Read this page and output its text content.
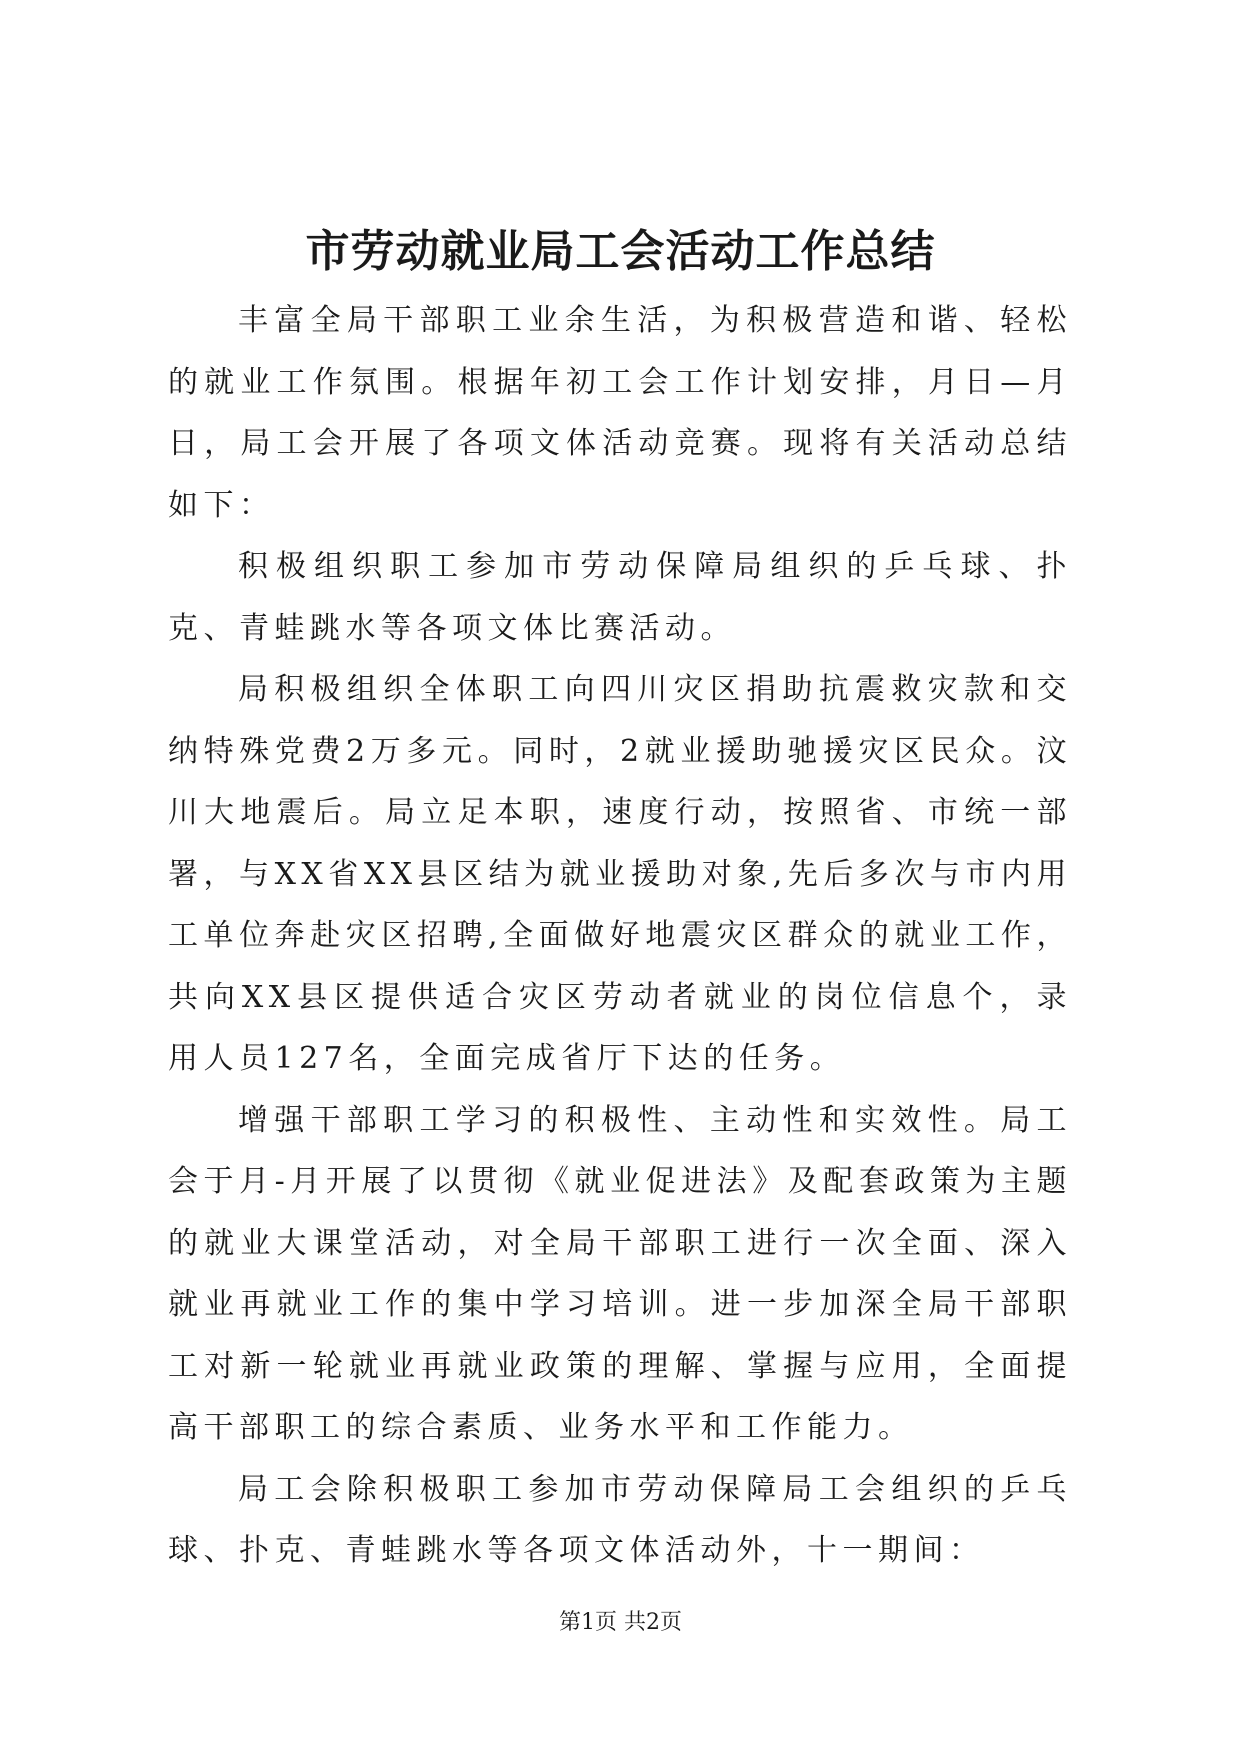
市劳动就业局工会活动工作总结

丰富全局干部职工业余生活，为积极营造和谐、轻松的就业工作氛围。根据年初工会工作计划安排，月日—月日，局工会开展了各项文体活动竞赛。现将有关活动总结如下：

积极组织职工参加市劳动保障局组织的乒乓球、扑克、青蛙跳水等各项文体比赛活动。

局积极组织全体职工向四川灾区捐助抗震救灾款和交纳特殊党费2万多元。同时，2就业援助驰援灾区民众。汶川大地震后。局立足本职，速度行动，按照省、市统一部署，与XX省XX县区结为就业援助对象,先后多次与市内用工单位奔赴灾区招聘,全面做好地震灾区群众的就业工作，共向XX县区提供适合灾区劳动者就业的岗位信息个，录用人员127名，全面完成省厅下达的任务。

增强干部职工学习的积极性、主动性和实效性。局工会于月-月开展了以贯彻《就业促进法》及配套政策为主题的就业大课堂活动，对全局干部职工进行一次全面、深入就业再就业工作的集中学习培训。进一步加深全局干部职工对新一轮就业再就业政策的理解、掌握与应用，全面提高干部职工的综合素质、业务水平和工作能力。

局工会除积极职工参加市劳动保障局工会组织的乒乓球、扑克、青蛙跳水等各项文体活动外，十一期间：

第1页 共2页
